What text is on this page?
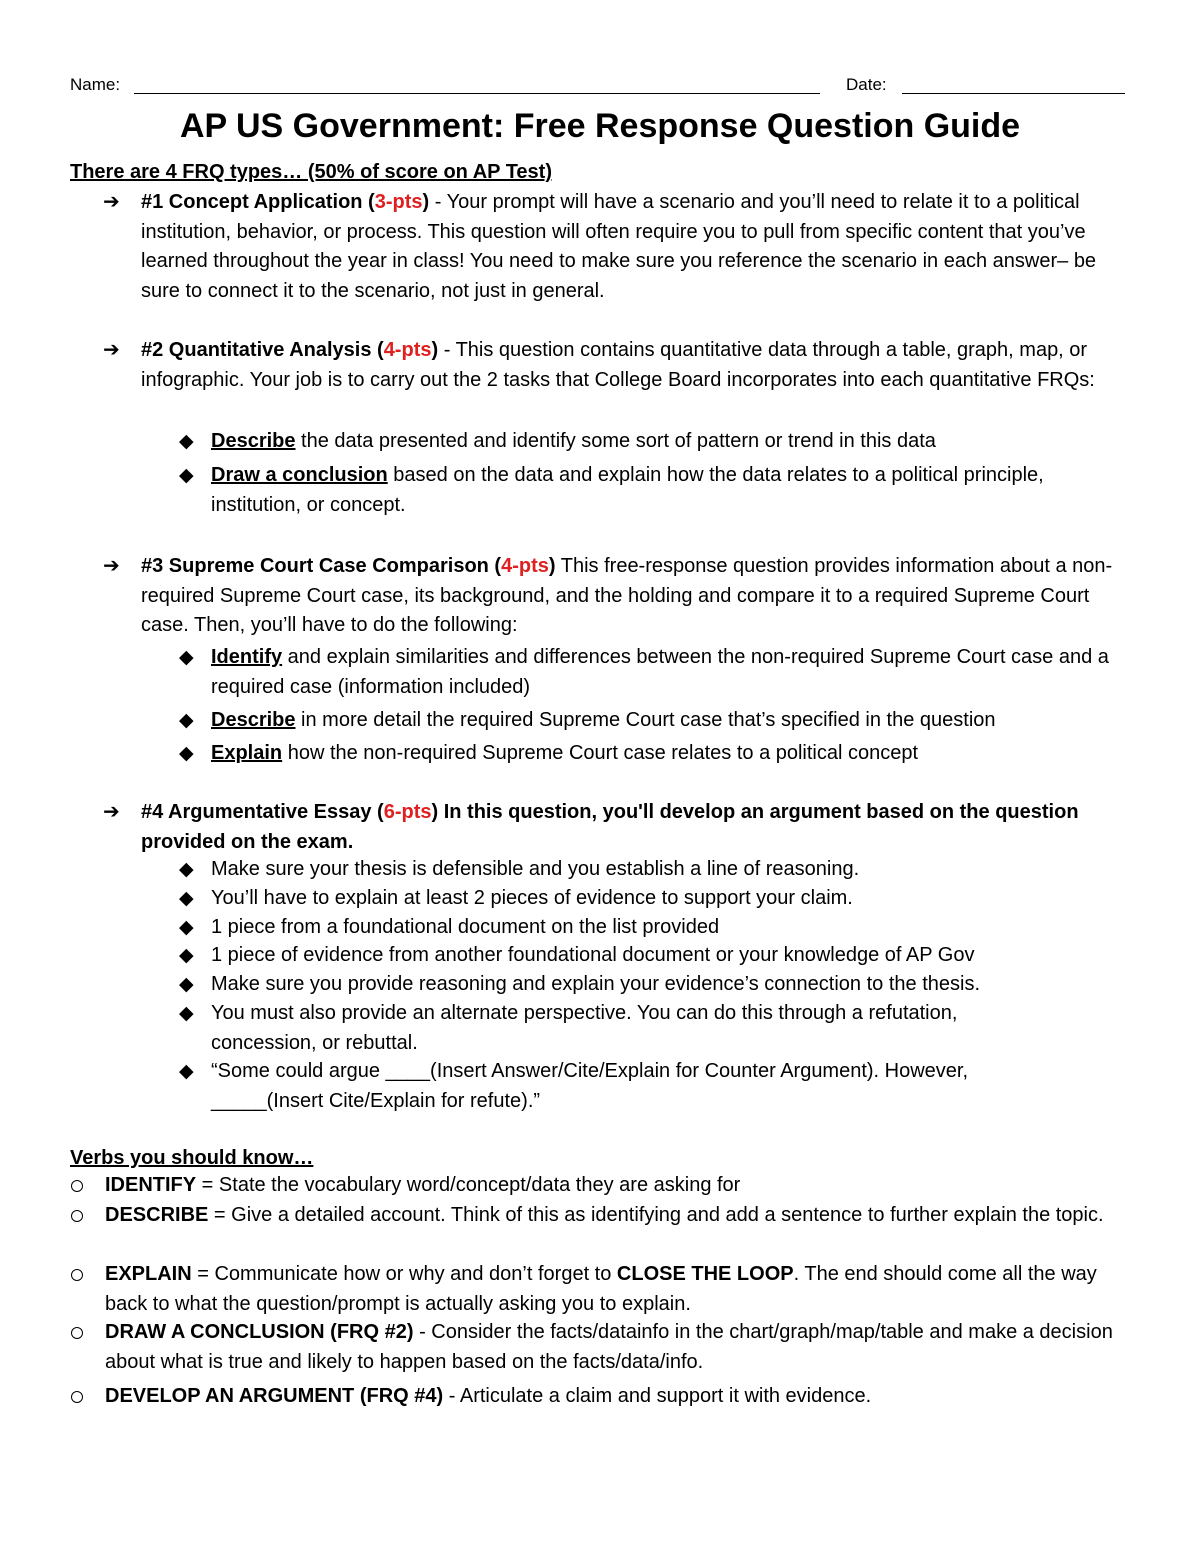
Name:	Date:
AP US Government: Free Response Question Guide
There are 4 FRQ types… (50% of score on AP Test)
➔ #1 Concept Application (3-pts) - Your prompt will have a scenario and you’ll need to relate it to a political institution, behavior, or process. This question will often require you to pull from specific content that you’ve learned throughout the year in class! You need to make sure you reference the scenario in each answer– be sure to connect it to the scenario, not just in general.
➔ #2 Quantitative Analysis (4-pts) - This question contains quantitative data through a table, graph, map, or infographic. Your job is to carry out the 2 tasks that College Board incorporates into each quantitative FRQs:
◆ Describe the data presented and identify some sort of pattern or trend in this data
◆ Draw a conclusion based on the data and explain how the data relates to a political principle, institution, or concept.
➔ #3 Supreme Court Case Comparison (4-pts) This free-response question provides information about a non-required Supreme Court case, its background, and the holding and compare it to a required Supreme Court case. Then, you’ll have to do the following:
◆ Identify and explain similarities and differences between the non-required Supreme Court case and a required case (information included)
◆ Describe in more detail the required Supreme Court case that’s specified in the question
◆ Explain how the non-required Supreme Court case relates to a political concept
➔ #4 Argumentative Essay (6-pts) In this question, you'll develop an argument based on the question provided on the exam.
◆ Make sure your thesis is defensible and you establish a line of reasoning.
◆ You’ll have to explain at least 2 pieces of evidence to support your claim.
◆ 1 piece from a foundational document on the list provided
◆ 1 piece of evidence from another foundational document or your knowledge of AP Gov
◆ Make sure you provide reasoning and explain your evidence’s connection to the thesis.
◆ You must also provide an alternate perspective. You can do this through a refutation, concession, or rebuttal.
◆ “Some could argue ____(Insert Answer/Cite/Explain for Counter Argument). However, _____(Insert Cite/Explain for refute).”
Verbs you should know…
IDENTIFY = State the vocabulary word/concept/data they are asking for
DESCRIBE = Give a detailed account. Think of this as identifying and add a sentence to further explain the topic.
EXPLAIN = Communicate how or why and don’t forget to CLOSE THE LOOP. The end should come all the way back to what the question/prompt is actually asking you to explain.
DRAW A CONCLUSION (FRQ #2) - Consider the facts/datainfo in the chart/graph/map/table and make a decision about what is true and likely to happen based on the facts/data/info.
DEVELOP AN ARGUMENT (FRQ #4) - Articulate a claim and support it with evidence.
